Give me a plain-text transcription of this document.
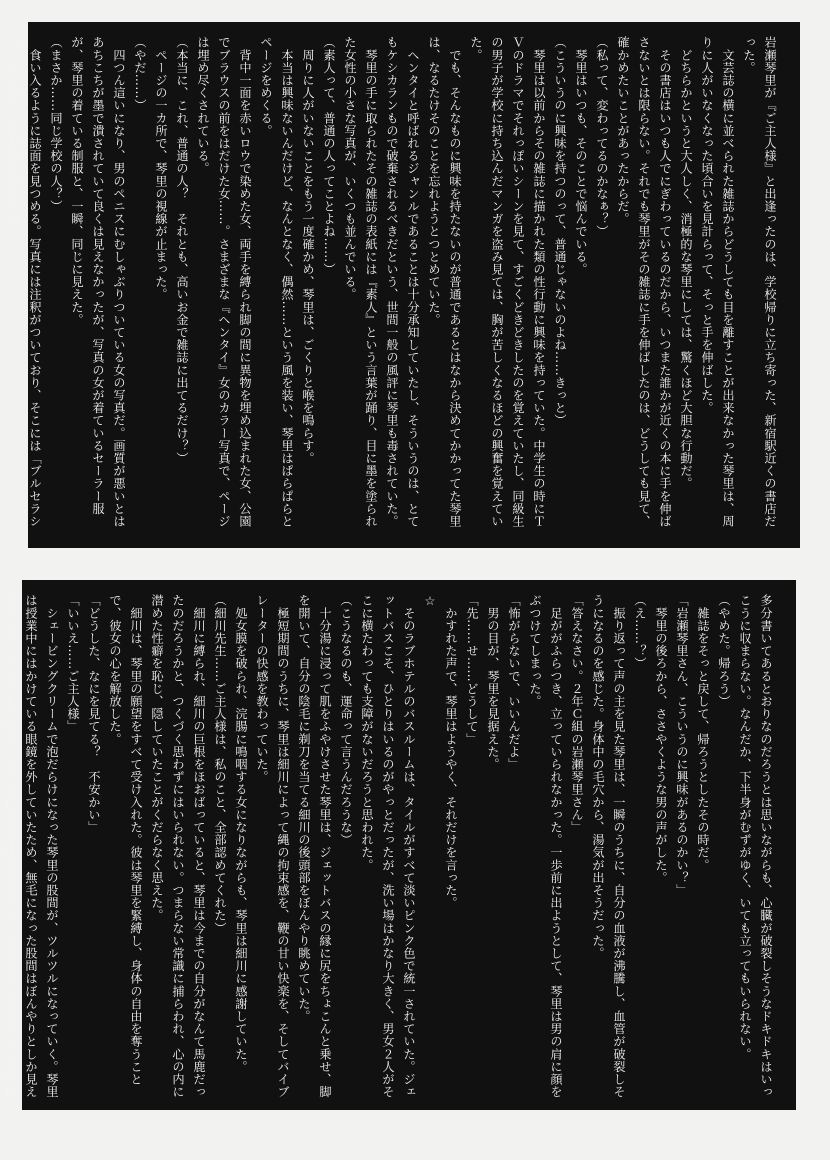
岩瀬琴里が『ご主人様』と出逢ったのは、学校帰りに立ち寄った、新宿駅近くの書店だった。
　文芸誌の横に並べられた雑誌からどうしても目を離すことが出来なかった琴里は、周りに人がいなくなった頃合いを見計らって、そっと手を伸ばした。
　どちらかというと大人しく、消極的な琴里にしては、驚くほど大胆な行動だ。
　その書店はいつも人でにぎわっているのだから、いつまた誰かが近くの本に手を伸ばさないとは限らない。それでも琴里がその雑誌に手を伸ばしたのは、どうしても見て、確かめたいことがあったからだ。
（私って、変わってるのかなぁ？）
　琴里はいつも、そのことで悩んでいる。
（こういうのに興味を持つのって、普通じゃないのよね……きっと）
　琴里は以前からその雑誌に描かれた類の性行動に興味を持っていた。中学生の時にＴＶのドラマでそれっぽいシーンを見て、すごくどきどきしたのを覚えていたし、同級生の男子が学校に持ち込んだマンガを盗み見ては、胸が苦しくなるほどの興奮を覚えていた。
　でも、そんなものに興味を持たないのが普通であるとはなから決めてかかってた琴里は、なるたけそのことを忘れようとつとめていた。
　ヘンタイと呼ばれるジャンルであることは十分承知していたし、そういうのは、とてもケシカランもので破棄されるべきだという、世間一般の風評に琴里も毒されていた。
　琴里の手に取られたその雑誌の表紙には『素人』という言葉が踊り、目に墨を塗られた女性の小さな写真が、いくつも並んでいる。
（素人って、普通の人ってことよね……）
　周りに人がいないことをもう一度確かめ、琴里は、ごくりと喉を鳴らす。
　本当は興味ないんだけど、なんとなく、偶然……という風を装い、琴里はぱらぱらとページをめくる。
　背中一面を赤いロウで染めた女、両手を縛られ脚の間に異物を埋め込まれた女、公園でブラウスの前をはだけた女……。さまざまな『ヘンタイ』女のカラー写真で、ページは埋め尽くされている。
（本当に、これ、普通の人？　それとも、高いお金で雑誌に出てるだけ？）
　ページの一カ所で、琴里の視線が止まった。
（やだ……）
　四つん這いになり、男のペニスにむしゃぶりついている女の写真だ。画質が悪いとはあちこちが墨で潰されていて良くは見えなかったが、写真の女が着ているセーラー服が、琴里の着ている制服と、一瞬、同じに見えた。
（まさか……同じ学校の人？）
　食い入るように誌面を見つめる。写真には注釈がついており、そこには「ブルセラショップで購入した制服を妻に着せ……」

多分書いてあるとおりなのだろうとは思いながらも、心臓が破裂しそうなドキドキはいっこうに収まらない。なんだか、下半身がむずがゆく、いても立ってもいられない。
（やめた。帰ろう）
　雑誌をそっと戻して、帰ろうとしたその時だ。
「岩瀬琴里さん、こういうのに興味があるのかい？」
　琴里の後ろから、ささやくような男の声がした。
（え……？）
　振り返って声の主を見た琴里は、一瞬のうちに、自分の血液が沸騰し、血管が破裂しそうになるのを感じた。身体中の毛穴から、湯気が出そうだった。
「答えなさい。２年Ｃ組の岩瀬琴里さん」
　足ががふらつき、立っていられなかった。一歩前に出ようとして、琴里は男の肩に顔をぶつけてしまった。
「怖がらないで、いいんだよ」
　男の目が、琴里を見据えた。
「先……せ……どうして」
　かすれた声で、琴里はようやく、それだけを言った。
☆
　そのラブホテルのバスルームは、タイルがすべて淡いピンク色で統一されていた。ジェットバスこそ、ひとりはいるのがやっとだったが、洗い場はかなり大きく、男女２人がそこに横たわっても支障がないだろうと思われた。
（こうなるのも、運命って言うんだろうな）
　十分湯に浸って肌をふやけさせた琴里は、ジェットバスの縁に尻をちょこんと乗せ、脚を開いて、自分の陰毛に剃刀を当てる細川の後頭部をぼんやり眺めていた。
　極短期間のうちに、琴里は細川によって縄の拘束感を、鞭の甘い快楽を、そしてバイブレーターの快感を教わっていた。
　処女膜を破られ、浣腸に鳴咽する女になりながらも、琴里は細川に感謝していた。
（細川先生……ご主人様は、私のこと、全部認めてくれた）
　細川に縛られ、細川の巨根をほおばっていると、琴里は今までの自分がなんて馬鹿だったのだろうかと、つくづく思わずにはいられない。つまらない常識に捕らわれ、心の内に潜めた性癖を恥じ、隠していたことがくだらなく思えた。
　細川は、琴里の願望をすべて受け入れた。彼は琴里を緊縛し、身体の自由を奪うことで、彼女の心を解放した。
「どうした、なにを見てる？　不安かい」
「いいえ……ご主人様」
　シェービングクリームで泡だらけになった琴里の股間が、ツルツルになっていく。琴里は授業中にはかけている眼鏡を外していたため、無毛になった股間はぼんやりとしか見えなかった。けれども、細川によって自分の身体が変わっていくのはよく分かった。琴里に
